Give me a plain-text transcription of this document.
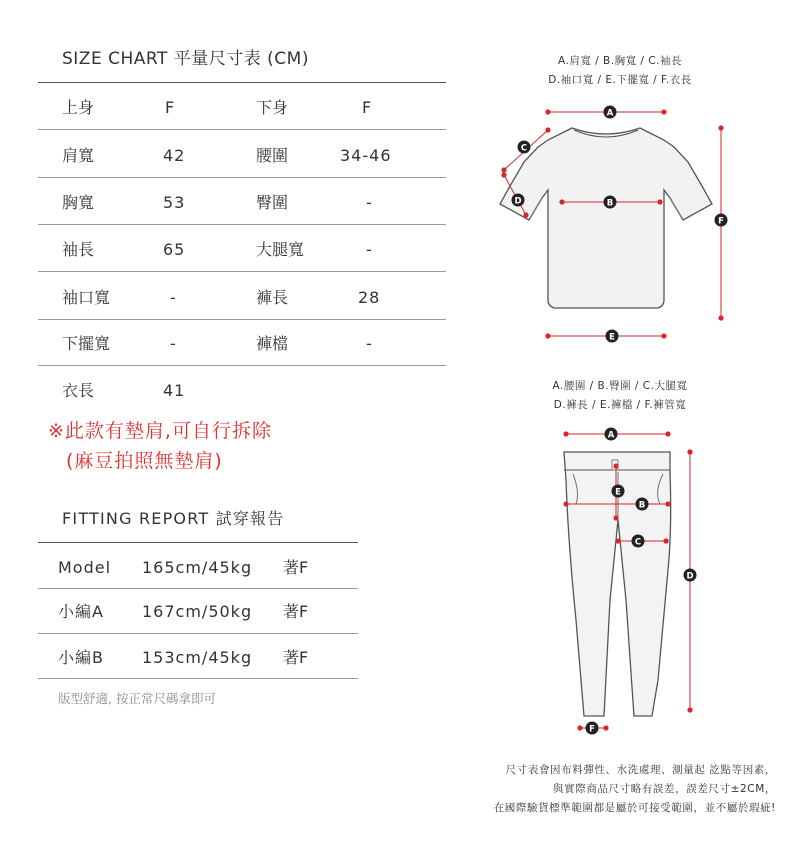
SIZE CHART 平量尺寸表 (CM)
上身	F	下身	F
肩寬	42	腰圍	34-46
胸寬	53	臀圍	-
袖長	65	大腿寬	-
袖口寬	-	褲長	28
下擺寬	-	褲檔	-
衣長	41
※此款有墊肩,可自行拆除
(麻豆拍照無墊肩)
FITTING REPORT 試穿報告
Model 165cm/45kg 著F
小編A 167cm/50kg 著F
小編B 153cm/45kg 著F
版型舒適, 按正常尺碼拿即可
A.肩寬 / B.胸寬 / C.袖長
D.袖口寬 / E.下擺寬 / F.衣長
A
C
D	B
E
F
A.腰圍 / B.臀圍 / C.大腿寬
D.褲長 / E.褲檔 / F.褲管寬
A
E
B
C
D
F
尺寸表會因布料彈性、水洗處理、測量起 訖點等因素，
與實際商品尺寸略有誤差，誤差尺寸±2CM，
在國際驗貨標準範圍都是屬於可接受範圍，並不屬於瑕疵!
